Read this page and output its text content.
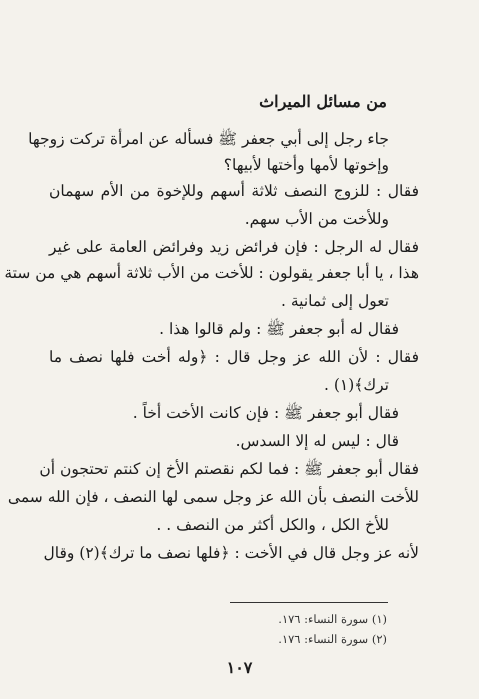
من مسائل الميراث
جاء رجل إلى أبي جعفر ﷺ فسأله عن امرأة تركت زوجها
وإخوتها لأمها وأختها لأبيها؟
فقال : للزوج النصف ثلاثة أسهم وللإخوة من الأم سهمان
وللأخت من الأب سهم.
فقال له الرجل : فإن فرائض زيد وفرائض العامة على غير
هذا ، يا أبا جعفر يقولون : للأخت من الأب ثلاثة أسهم هي من ستة
تعول إلى ثمانية .
فقال له أبو جعفر ﷺ : ولم قالوا هذا .
فقال : لأن الله عز وجل قال : ﴿وله أخت فلها نصف ما
ترك﴾(١) .
فقال أبو جعفر ﷺ : فإن كانت الأخت أخاً .
قال : ليس له إلا السدس.
فقال أبو جعفر ﷺ : فما لكم نقصتم الأخ إن كنتم تحتجون أن
للأخت النصف بأن الله عز وجل سمى لها النصف ، فإن الله سمى
للأخ الكل ، والكل أكثر من النصف . .
لأنه عز وجل قال في الأخت : ﴿فلها نصف ما ترك﴾(٢) وقال
(١) سورة النساء: ١٧٦.
(٢) سورة النساء: ١٧٦.
١٠٧
